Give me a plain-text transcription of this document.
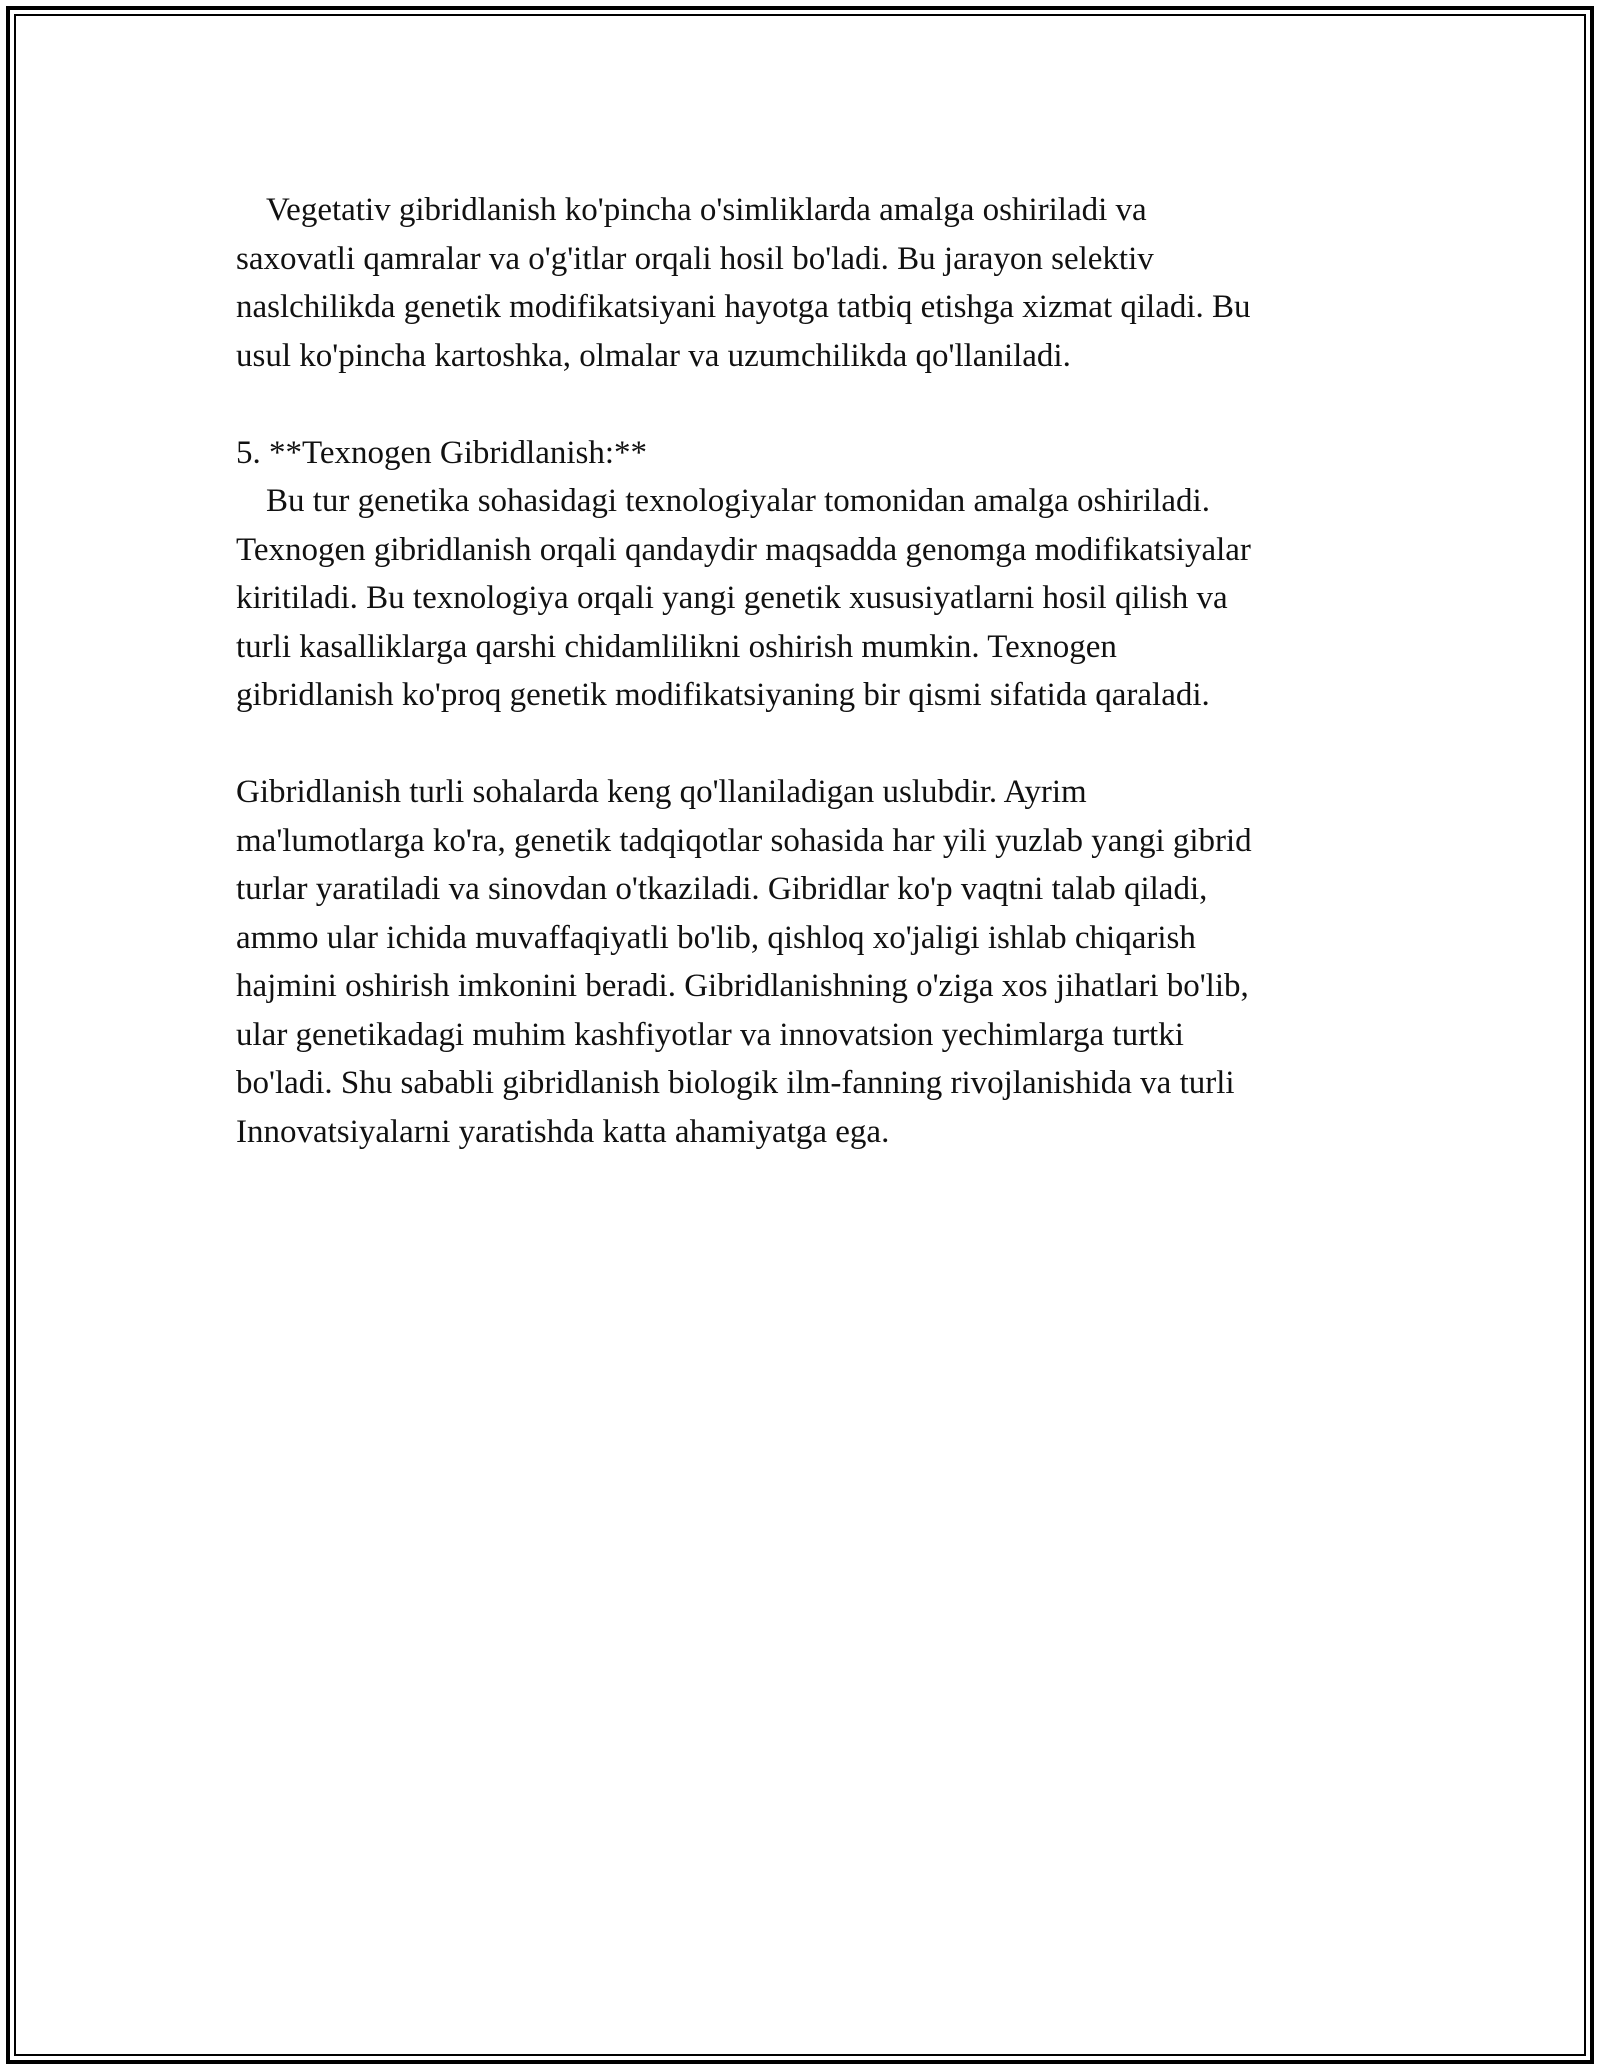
Vegetativ gibridlanish ko'pincha o'simliklarda amalga oshiriladi va
saxovatli qamralar va o'g'itlar orqali hosil bo'ladi. Bu jarayon selektiv
naslchilikda genetik modifikatsiyani hayotga tatbiq etishga xizmat qiladi. Bu
usul ko'pincha kartoshka, olmalar va uzumchilikda qo'llaniladi.
5. **Texnogen Gibridlanish:**
Bu tur genetika sohasidagi texnologiyalar tomonidan amalga oshiriladi.
Texnogen gibridlanish orqali qandaydir maqsadda genomga modifikatsiyalar
kiritiladi. Bu texnologiya orqali yangi genetik xususiyatlarni hosil qilish va
turli kasalliklarga qarshi chidamlilikni oshirish mumkin. Texnogen
gibridlanish ko'proq genetik modifikatsiyaning bir qismi sifatida qaraladi.
Gibridlanish turli sohalarda keng qo'llaniladigan uslubdir. Ayrim
ma'lumotlarga ko'ra, genetik tadqiqotlar sohasida har yili yuzlab yangi gibrid
turlar yaratiladi va sinovdan o'tkaziladi. Gibridlar ko'p vaqtni talab qiladi,
ammo ular ichida muvaffaqiyatli bo'lib, qishloq xo'jaligi ishlab chiqarish
hajmini oshirish imkonini beradi. Gibridlanishning o'ziga xos jihatlari bo'lib,
ular genetikadagi muhim kashfiyotlar va innovatsion yechimlarga turtki
bo'ladi. Shu sababli gibridlanish biologik ilm-fanning rivojlanishida va turli
Innovatsiyalarni yaratishda katta ahamiyatga ega.
